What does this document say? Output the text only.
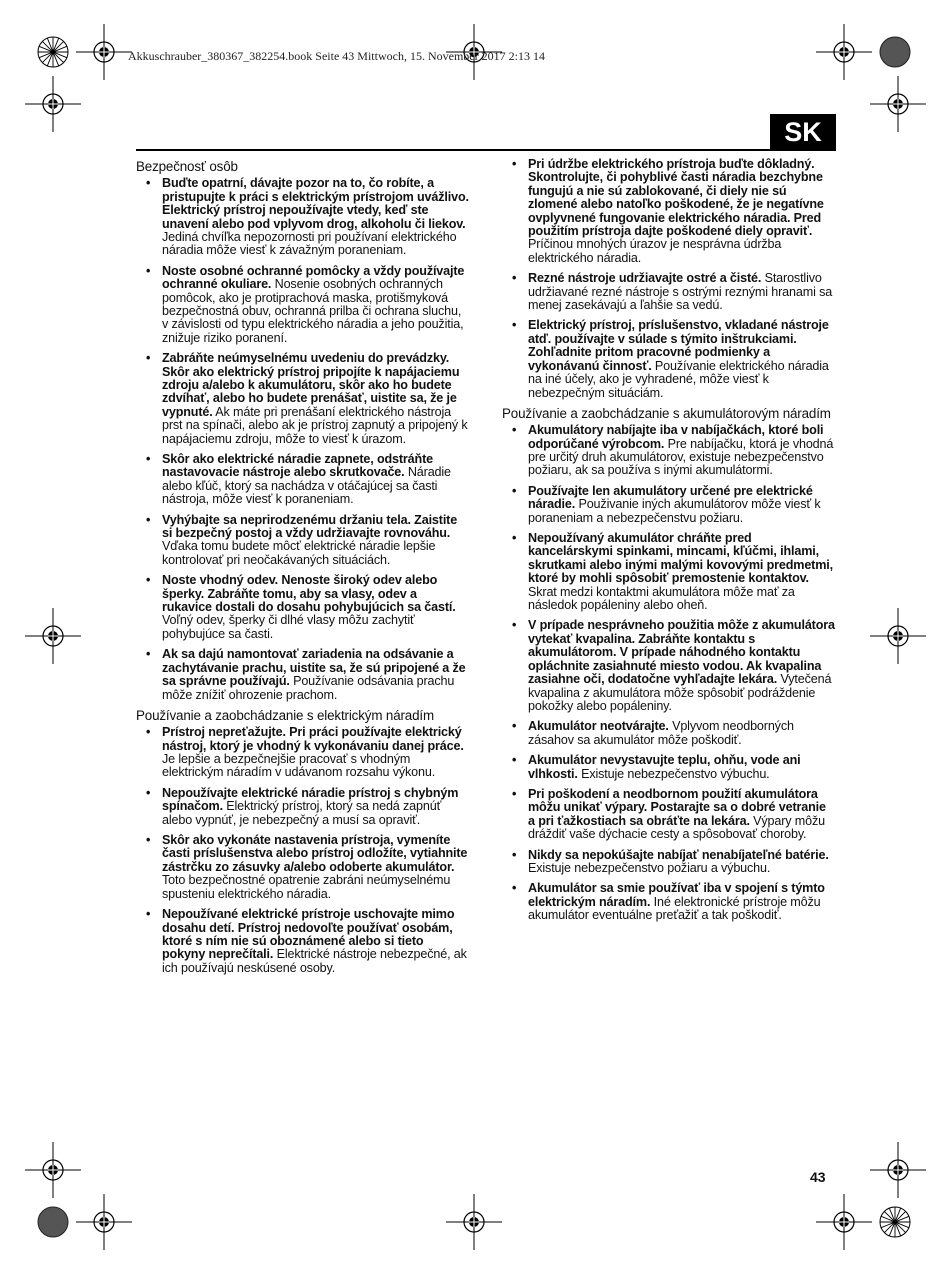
Akkuschrauber_380367_382254.book Seite 43 Mittwoch, 15. November 2017 2:13 14
SK
Bezpečnosť osôb
• Buďte opatrní, dávajte pozor na to, čo robíte, a pristupujte k práci s elektrickým prístrojom uvážlivo. Elektrický prístroj nepoužívajte vtedy, keď ste unavení alebo pod vplyvom drog, alkoholu či liekov. Jediná chvíľka nepozornosti pri používaní elektrického náradia môže viesť k závažným poraneniam.
• Noste osobné ochranné pomôcky a vždy používajte ochranné okuliare. Nosenie osobných ochranných pomôcok, ako je protiprachová maska, protišmyková bezpečnostná obuv, ochranná prilba či ochrana sluchu, v závislosti od typu elektrického náradia a jeho použitia, znižuje riziko poranení.
• Zabráňte neúmyselnému uvedeniu do prevádzky. Skôr ako elektrický prístroj pripojíte k napájaciemu zdroju a/alebo k akumulátoru, skôr ako ho budete zdvíhať, alebo ho budete prenášať, uistite sa, že je vypnuté. Ak máte pri prenášaní elektrického nástroja prst na spínači, alebo ak je prístroj zapnutý a pripojený k napájaciemu zdroju, môže to viesť k úrazom.
• Skôr ako elektrické náradie zapnete, odstráňte nastavovacie nástroje alebo skrutkovače. Náradie alebo kľúč, ktorý sa nachádza v otáčajúcej sa časti nástroja, môže viesť k poraneniam.
• Vyhýbajte sa neprirodzenému držaniu tela. Zaistite si bezpečný postoj a vždy udržiavajte rovnováhu. Vďaka tomu budete môcť elektrické náradie lepšie kontrolovať pri neočakávaných situáciách.
• Noste vhodný odev. Nenoste široký odev alebo šperky. Zabráňte tomu, aby sa vlasy, odev a rukavice dostali do dosahu pohybujúcich sa častí. Voľný odev, šperky či dlhé vlasy môžu zachytiť pohybujúce sa časti.
• Ak sa dajú namontovať zariadenia na odsávanie a zachytávanie prachu, uistite sa, že sú pripojené a že sa správne používajú. Používanie odsávania prachu môže znížiť ohrozenie prachom.
Používanie a zaobchádzanie s elektrickým náradím
• Prístroj nepreťažujte. Pri práci používajte elektrický nástroj, ktorý je vhodný k vykonávaniu danej práce. Je lepšie a bezpečnejšie pracovať s vhodným elektrickým náradím v udávanom rozsahu výkonu.
• Nepoužívajte elektrické náradie prístroj s chybným spínačom. Elektrický prístroj, ktorý sa nedá zapnúť alebo vypnúť, je nebezpečný a musí sa opraviť.
• Skôr ako vykonáte nastavenia prístroja, vymeníte časti príslušenstva alebo prístroj odložíte, vytiahnite zástrčku zo zásuvky a/alebo odoberte akumulátor. Toto bezpečnostné opatrenie zabráni neúmyselnému spusteniu elektrického náradia.
• Nepoužívané elektrické prístroje uschovajte mimo dosahu detí. Prístroj nedovoľte používať osobám, ktoré s ním nie sú oboznámené alebo si tieto pokyny neprečítali. Elektrické nástroje nebezpečné, ak ich používajú neskúsené osoby.
• Pri údržbe elektrického prístroja buďte dôkladný. Skontrolujte, či pohyblivé časti náradia bezchybne fungujú a nie sú zablokované, či diely nie sú zlomené alebo natoľko poškodené, že je negatívne ovplyvnené fungovanie elektrického náradia. Pred použitím prístroja dajte poškodené diely opraviť. Príčinou mnohých úrazov je nesprávna údržba elektrického náradia.
• Rezné nástroje udržiavajte ostré a čisté. Starostlivo udržiavané rezné nástroje s ostrými reznými hranami sa menej zasekávajú a ľahšie sa vedú.
• Elektrický prístroj, príslušenstvo, vkladané nástroje atď. používajte v súlade s týmito inštrukciami. Zohľadnite pritom pracovné podmienky a vykonávanú činnosť. Používanie elektrického náradia na iné účely, ako je vyhradené, môže viesť k nebezpečným situáciám.
Používanie a zaobchádzanie s akumulátorovým náradím
• Akumulátory nabíjajte iba v nabíjačkách, ktoré boli odporúčané výrobcom. Pre nabíjačku, ktorá je vhodná pre určitý druh akumulátorov, existuje nebezpečenstvo požiaru, ak sa používa s inými akumulátormi.
• Používajte len akumulátory určené pre elektrické náradie. Použivanie iných akumulátorov môže viesť k poraneniam a nebezpečenstvu požiaru.
• Nepoužívaný akumulátor chráňte pred kancelárskymi spinkami, mincami, kľúčmi, ihlami, skrutkami alebo inými malými kovovými predmetmi, ktoré by mohli spôsobiť premostenie kontaktov. Skrat medzi kontaktmi akumulátora môže mať za následok popáleniny alebo oheň.
• V prípade nesprávneho použitia môže z akumulátora vytekať kvapalina. Zabráňte kontaktu s akumulátorom. V prípade náhodného kontaktu opláchnite zasiahnuté miesto vodou. Ak kvapalina zasiahne oči, dodatočne vyhľadajte lekára. Vytečená kvapalina z akumulátora môže spôsobiť podráždenie pokožky alebo popáleniny.
• Akumulátor neotvárajte. Vplyvom neodborných zásahov sa akumulátor môže poškodiť.
• Akumulátor nevystavujte teplu, ohňu, vode ani vlhkosti. Existuje nebezpečenstvo výbuchu.
• Pri poškodení a neodbornom použití akumulátora môžu unikať výpary. Postarajte sa o dobré vetranie a pri ťažkostiach sa obráťte na lekára. Výpary môžu dráždiť vaše dýchacie cesty a spôsobovať choroby.
• Nikdy sa nepokúšajte nabíjať nenabíjateľné batérie. Existuje nebezpečenstvo požiaru a výbuchu.
• Akumulátor sa smie používať iba v spojení s týmto elektrickým náradím. Iné elektronické prístroje môžu akumulátor eventuálne preťažiť a tak poškodiť.
43
